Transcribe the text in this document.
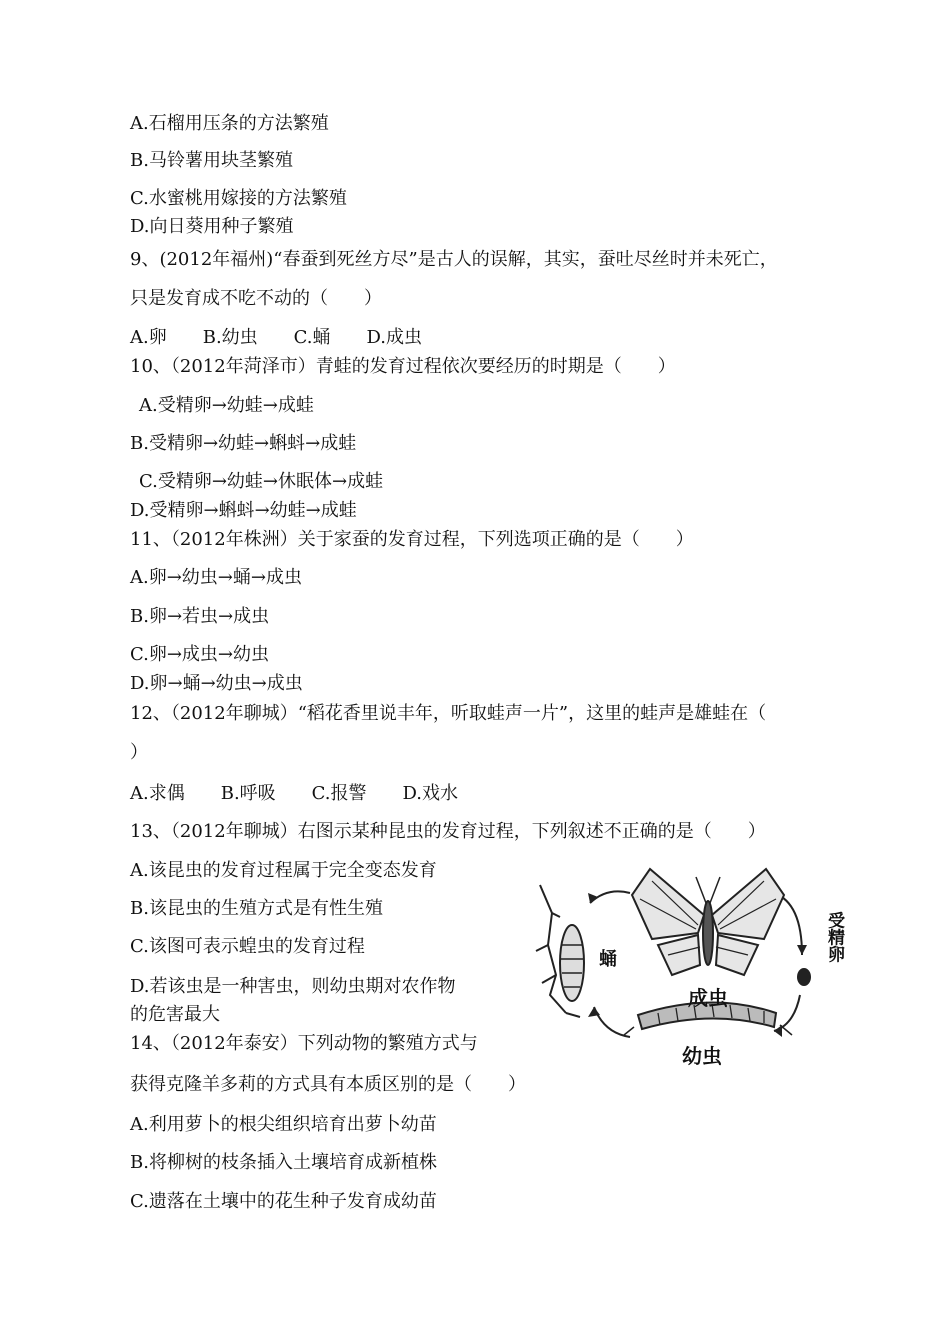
A.石榴用压条的方法繁殖
B.马铃薯用块茎繁殖
C.水蜜桃用嫁接的方法繁殖
D.向日葵用种子繁殖
9、(2012年福州)“春蚕到死丝方尽”是古人的误解，其实，蚕吐尽丝时并未死亡，
只是发育成不吃不动的（　　）
A.卵　　B.幼虫　　C.蛹　　D.成虫
10、（2012年菏泽市）青蛙的发育过程依次要经历的时期是（　　）
A.受精卵→幼蛙→成蛙
B.受精卵→幼蛙→蝌蚪→成蛙
C.受精卵→幼蛙→休眠体→成蛙
D.受精卵→蝌蚪→幼蛙→成蛙
11、（2012年株洲）关于家蚕的发育过程，下列选项正确的是（　　）
A.卵→幼虫→蛹→成虫
B.卵→若虫→成虫
C.卵→成虫→幼虫
D.卵→蛹→幼虫→成虫
12、（2012年聊城）“稻花香里说丰年，听取蛙声一片”，这里的蛙声是雄蛙在（
）
A.求偶　　B.呼吸　　C.报警　　D.戏水
13、（2012年聊城）右图示某种昆虫的发育过程，下列叙述不正确的是（　　）
A.该昆虫的发育过程属于完全变态发育
B.该昆虫的生殖方式是有性生殖
C.该图可表示蝗虫的发育过程
D.若该虫是一种害虫，则幼虫期对农作物
的危害最大
14、（2012年泰安）下列动物的繁殖方式与
获得克隆羊多莉的方式具有本质区别的是（　　）
A.利用萝卜的根尖组织培育出萝卜幼苗
B.将柳树的枝条插入土壤培育成新植株
C.遗落在土壤中的花生种子发育成幼苗
成虫
蛹
幼虫
受精卵
